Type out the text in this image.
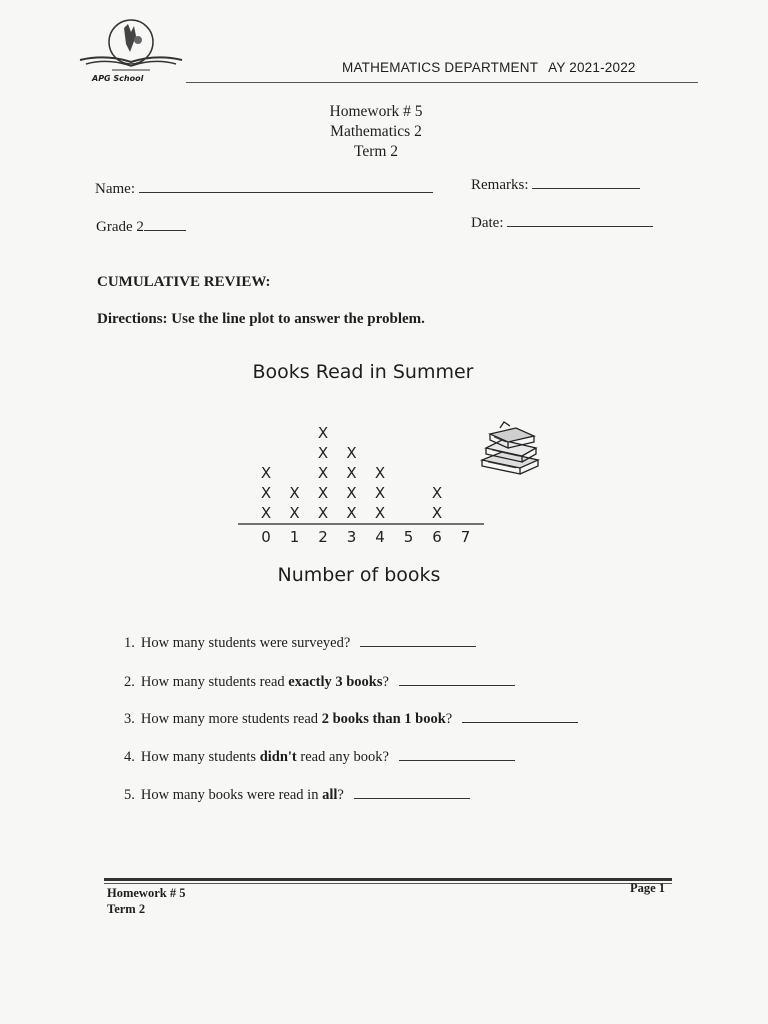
APG School
MATHEMATICS DEPARTMENT AY 2021-2022
Homework # 5
Mathematics 2
Term 2
Name:	Remarks:
Grade 2	Date:
CUMULATIVE REVIEW:
Directions: Use the line plot to answer the problem.
Books Read in Summer
0
X
X
X
1
X
X
2
X
X
X
X
X
3
X
X
X
X
4
X
X
X
5 6
X
X
7
Number of books
1. How many students were surveyed?
2. How many students read exactly 3 books?
3. How many more students read 2 books than 1 book?
4. How many students didn't read any book?
5. How many books were read in all?
Homework # 5
Term 2
Page 1
